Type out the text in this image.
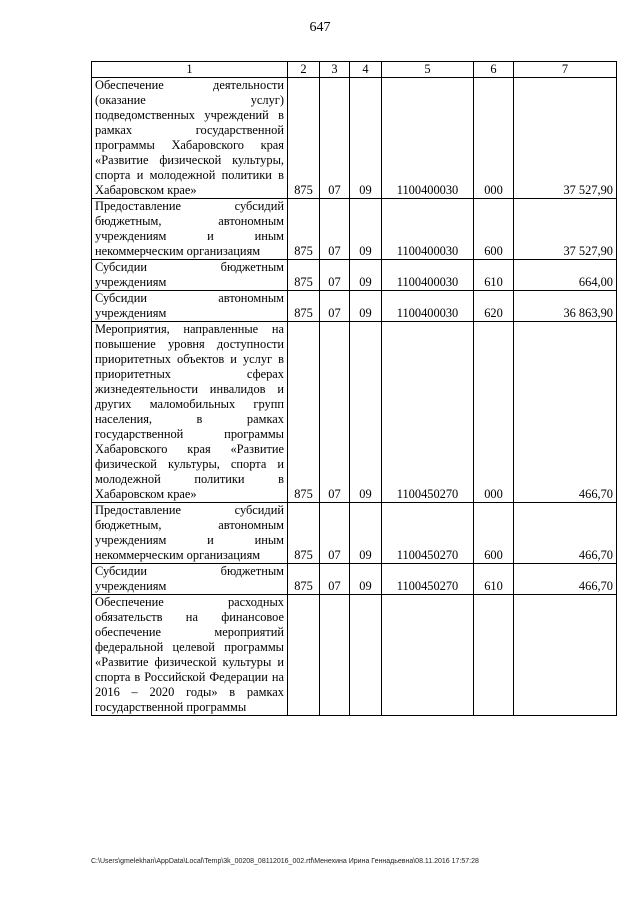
647
1	2	3	4	5	6	7
Обеспечение деятельности (оказание услуг) подведомственных учреждений в рамках государственной программы Хабаровского края «Развитие физической культуры, спорта и молодежной политики в Хабаровском крае»	875	07	09	1100400030	000	37 527,90
Предоставление субсидий бюджетным, автономным учреждениям и иным некоммерческим организациям	875	07	09	1100400030	600	37 527,90
Субсидии бюджетным учреждениям	875	07	09	1100400030	610	664,00
Субсидии автономным учреждениям	875	07	09	1100400030	620	36 863,90
Мероприятия, направленные на повышение уровня доступности приоритетных объектов и услуг в приоритетных сферах жизнедеятельности инвалидов и других маломобильных групп населения, в рамках государственной программы Хабаровского края «Развитие физической культуры, спорта и молодежной политики в Хабаровском крае»	875	07	09	1100450270	000	466,70
Предоставление субсидий бюджетным, автономным учреждениям и иным некоммерческим организациям	875	07	09	1100450270	600	466,70
Субсидии бюджетным учреждениям	875	07	09	1100450270	610	466,70
Обеспечение расходных обязательств на финансовое обеспечение мероприятий федеральной целевой программы «Развитие физической культуры и спорта в Российской Федерации на 2016 – 2020 годы» в рамках государственной программы						
C:\Users\gmelekhan\AppData\Local\Temp\3k_00208_08112016_002.rtf\Менехина Ирина Геннадьевна\08.11.2016 17:57:28
